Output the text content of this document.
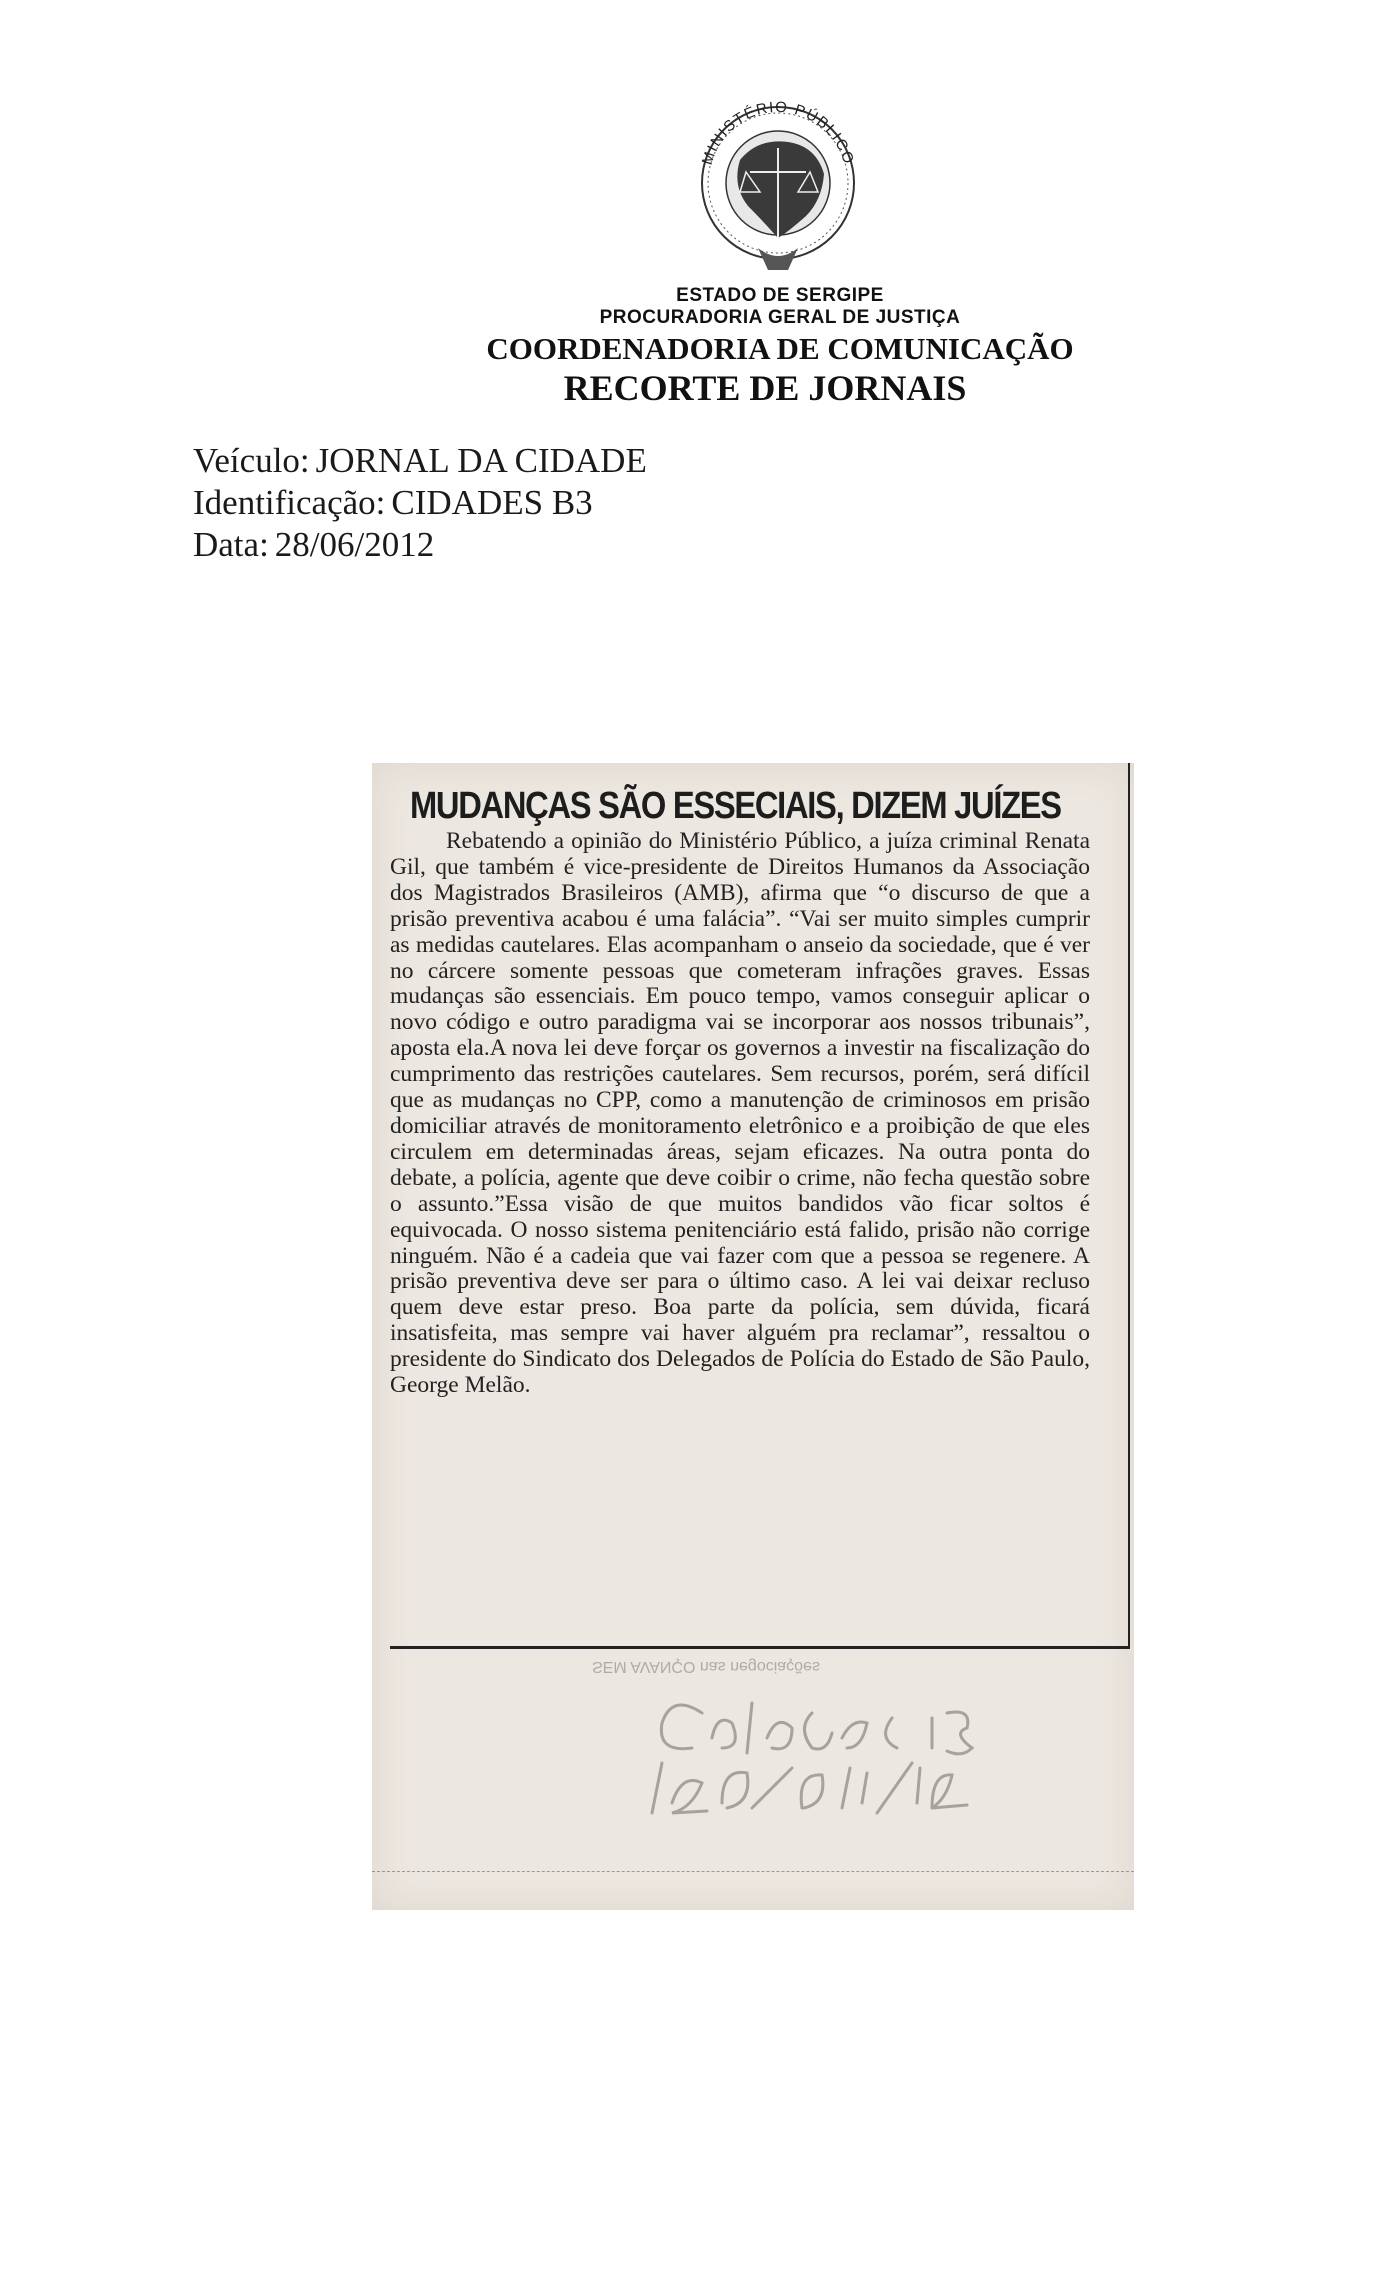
MINISTÉRIO PÚBLICO
ESTADO DE SERGIPE
PROCURADORIA GERAL DE JUSTIÇA
COORDENADORIA DE COMUNICAÇÃO
RECORTE DE JORNAIS
Veículo: JORNAL DA CIDADE
Identificação: CIDADES B3
Data: 28/06/2012
MUDANÇAS SÃO ESSECIAIS, DIZEM JUÍZES
Rebatendo a opinião do Ministério Público, a juíza criminal Renata Gil, que também é vice-presidente de Direitos Humanos da Associação dos Magistrados Brasileiros (AMB), afirma que “o discurso de que a prisão preventiva acabou é uma falácia”. “Vai ser muito simples cumprir as medidas cautelares. Elas acompanham o anseio da sociedade, que é ver no cárcere somente pessoas que cometeram infrações graves. Essas mudanças são essenciais. Em pouco tempo, vamos conseguir aplicar o novo código e outro paradigma vai se incorporar aos nossos tribunais”, aposta ela.A nova lei deve forçar os governos a investir na fiscalização do cumprimento das restrições cautelares. Sem recursos, porém, será difícil que as mudanças no CPP, como a manutenção de criminosos em prisão domiciliar através de monitoramento eletrônico e a proibição de que eles circulem em determinadas áreas, sejam eficazes. Na outra ponta do debate, a polícia, agente que deve coibir o crime, não fecha questão sobre o assunto.”Essa visão de que muitos bandidos vão ficar soltos é equivocada. O nosso sistema penitenciário está falido, prisão não corrige ninguém. Não é a cadeia que vai fazer com que a pessoa se regenere. A prisão preventiva deve ser para o último caso. A lei vai deixar recluso quem deve estar preso. Boa parte da polícia, sem dúvida, ficará insatisfeita, mas sempre vai haver alguém pra reclamar”, ressaltou o presidente do Sindicato dos Delegados de Polícia do Estado de São Paulo, George Melão.
SEM AVANÇO nas negociações
